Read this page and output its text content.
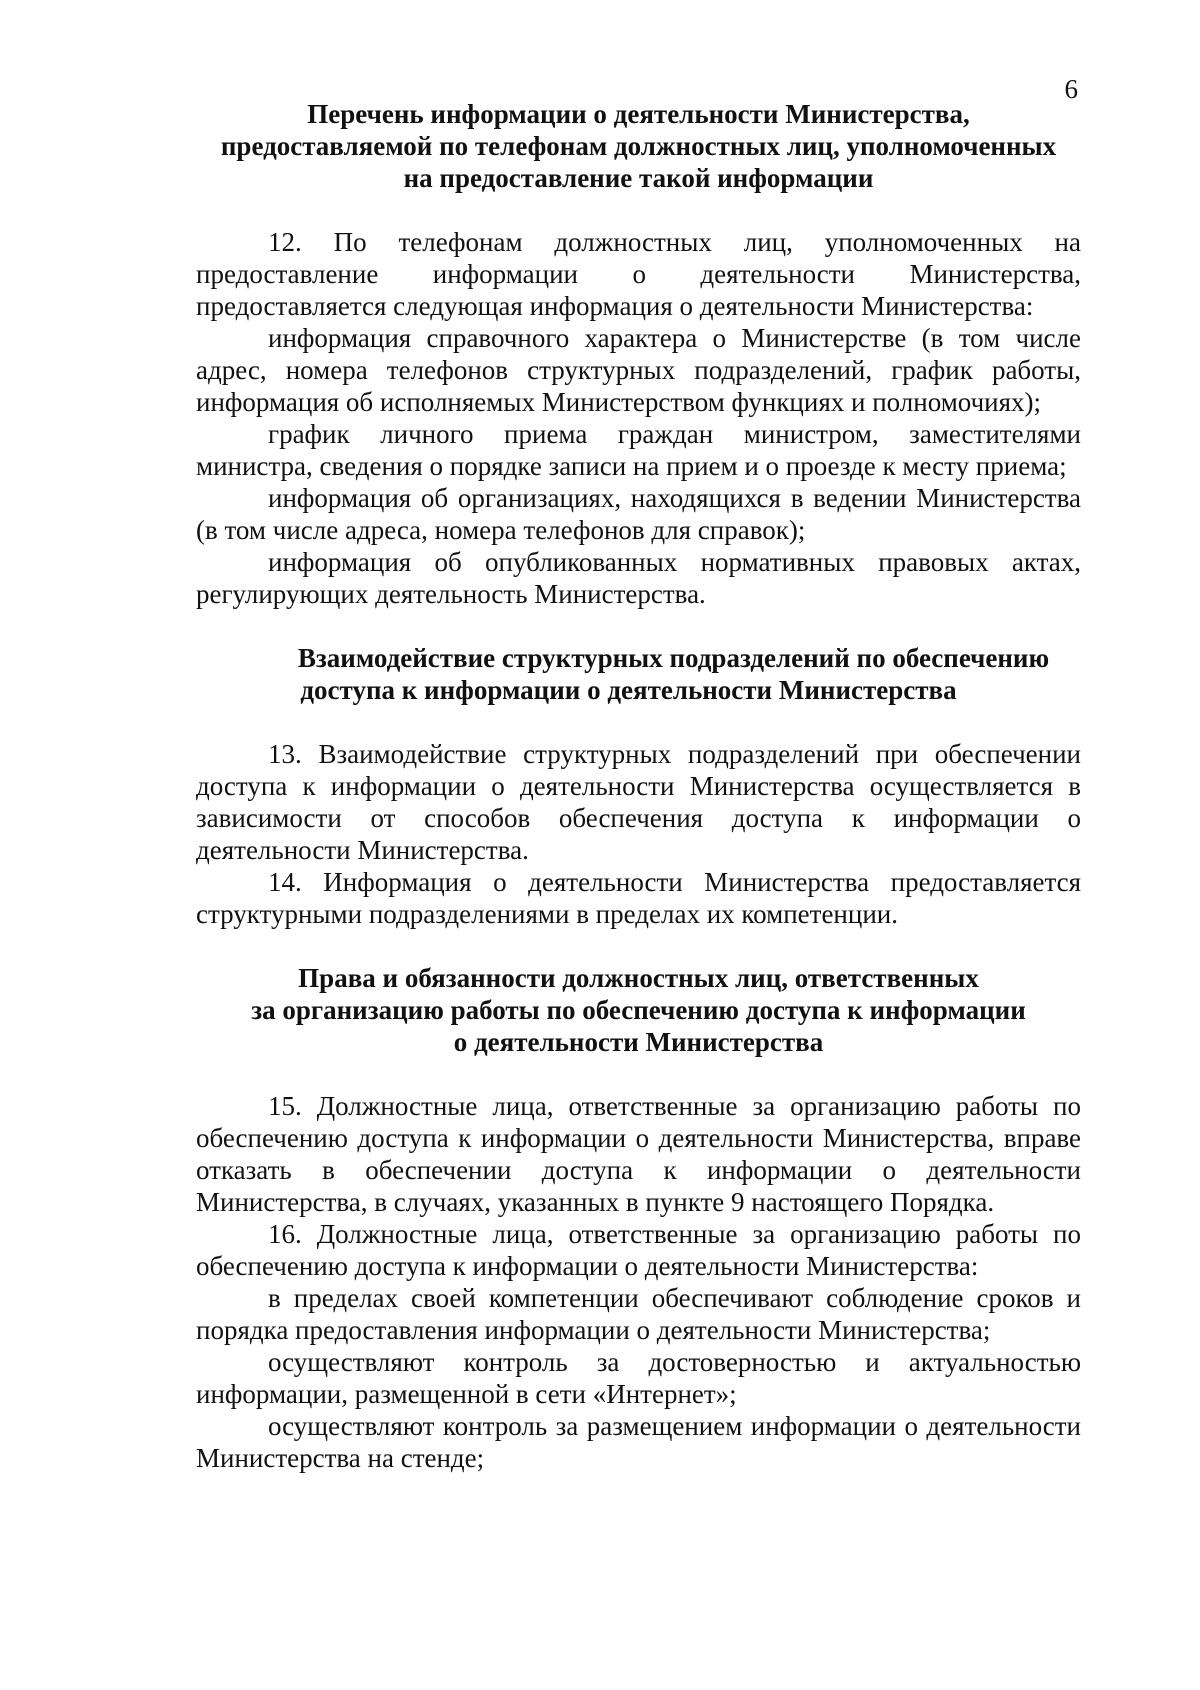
6
Перечень информации о деятельности Министерства,
предоставляемой по телефонам должностных лиц, уполномоченных
на предоставление такой информации

12. По телефонам должностных лиц, уполномоченных на предоставление информации о деятельности Министерства, предоставляется следующая информация о деятельности Министерства:

информация справочного характера о Министерстве (в том числе адрес, номера телефонов структурных подразделений, график работы, информация об исполняемых Министерством функциях и полномочиях);

график личного приема граждан министром, заместителями министра, сведения о порядке записи на прием и о проезде к месту приема;

информация об организациях, находящихся в ведении Министерства (в том числе адреса, номера телефонов для справок);

информация об опубликованных нормативных правовых актах, регулирующих деятельность Министерства.

Взаимодействие структурных подразделений по обеспечению
доступа к информации о деятельности Министерства

13. Взаимодействие структурных подразделений при обеспечении доступа к информации о деятельности Министерства осуществляется в зависимости от способов обеспечения доступа к информации о деятельности Министерства.

14. Информация о деятельности Министерства предоставляется структурными подразделениями в пределах их компетенции.

Права и обязанности должностных лиц, ответственных
за организацию работы по обеспечению доступа к информации
о деятельности Министерства

15. Должностные лица, ответственные за организацию работы по обеспечению доступа к информации о деятельности Министерства, вправе отказать в обеспечении доступа к информации о деятельности Министерства, в случаях, указанных в пункте 9 настоящего Порядка.

16. Должностные лица, ответственные за организацию работы по обеспечению доступа к информации о деятельности Министерства:

в пределах своей компетенции обеспечивают соблюдение сроков и порядка предоставления информации о деятельности Министерства;

осуществляют контроль за достоверностью и актуальностью информации, размещенной в сети «Интернет»;

осуществляют контроль за размещением информации о деятельности Министерства на стенде;
